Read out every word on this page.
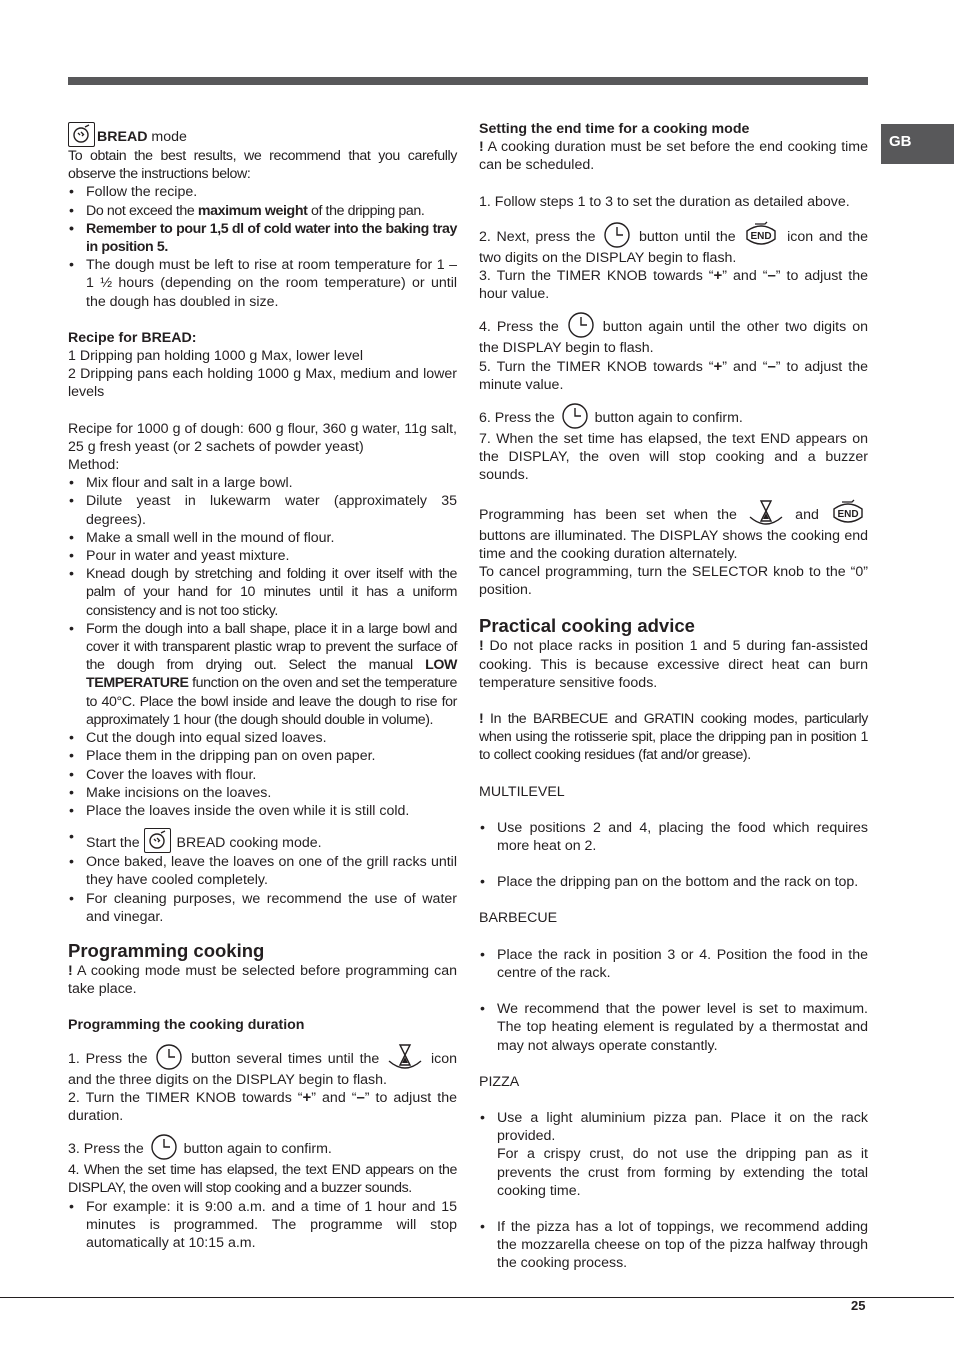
GB

BREAD mode

To obtain the best results, we recommend that you carefully observe the instructions below:

• Follow the recipe.
• Do not exceed the maximum weight of the dripping pan.
• Remember to pour 1,5 dl of cold water into the baking tray in position 5.
• The dough must be left to rise at room temperature for 1 – 1 ½ hours (depending on the room temperature) or until the dough has doubled in size.
Recipe for BREAD:

1 Dripping pan holding 1000 g Max, lower level

2 Dripping pans each holding 1000 g Max, medium and lower levels

Recipe for 1000 g of dough: 600 g flour, 360 g water, 11g salt, 25 g fresh yeast (or 2 sachets of powder yeast)

Method:

• Mix flour and salt in a large bowl.
• Dilute yeast in lukewarm water (approximately 35 degrees).
• Make a small well in the mound of flour.
• Pour in water and yeast mixture.
• Knead dough by stretching and folding it over itself with the palm of your hand for 10 minutes until it has a uniform consistency and is not too sticky.
• Form the dough into a ball shape, place it in a large bowl and cover it with transparent plastic wrap to prevent the surface of the dough from drying out. Select the manual LOW TEMPERATURE function on the oven and set the temperature to 40°C. Place the bowl inside and leave the dough to rise for approximately 1 hour (the dough should double in volume).
• Cut the dough into equal sized loaves.
• Place them in the dripping pan on oven paper.
• Cover the loaves with flour.
• Make incisions on the loaves.
• Place the loaves inside the oven while it is still cold.
• Start the
BREAD cooking mode.
• Once baked, leave the loaves on one of the grill racks until they have cooled completely.
• For cleaning purposes, we recommend the use of water and vinegar.
Programming cooking

! A cooking mode must be selected before programming can take place.

Programming the cooking duration

1. Press the  button several times until the	icon and the three digits on the DISPLAY begin to flash.

2. Turn the TIMER KNOB towards “+” and “–” to adjust the duration.

3. Press the  button again to confirm.

4. When the set time has elapsed, the text END appears on the DISPLAY, the oven will stop cooking and a buzzer sounds.

• For example: it is 9:00 a.m. and a time of 1 hour and 15 minutes is programmed. The programme will stop automatically at 10:15 a.m.
Setting the end time for a cooking mode

! A cooking duration must be set before the end cooking time can be scheduled.

1. Follow steps 1 to 3 to set the duration as detailed above.

2. Next, press the  button until the END icon and the two digits on the DISPLAY begin to flash.

3. Turn the TIMER KNOB towards “+” and “–” to adjust the hour value.

4. Press the  button again until the other two digits on the DISPLAY begin to flash.

5. Turn the TIMER KNOB towards “+” and “–” to adjust the minute value.

6. Press the  button again to confirm.

7. When the set time has elapsed, the text END appears on the DISPLAY, the oven will stop cooking and a buzzer sounds.

Programming has been set when the	and END
buttons are illuminated. The DISPLAY shows the cooking end time and the cooking duration alternately.

To cancel programming, turn the SELECTOR knob to the “0” position.

Practical cooking advice

! Do not place racks in position 1 and 5 during fan-assisted cooking. This is because excessive direct heat can burn temperature sensitive foods.

! In the BARBECUE and GRATIN cooking modes, particularly when using the rotisserie spit, place the dripping pan in position 1 to collect cooking residues (fat and/or grease).

MULTILEVEL

• Use positions 2 and 4, placing the food which requires more heat on 2.
• Place the dripping pan on the bottom and the rack on top.

BARBECUE

• Place the rack in position 3 or 4. Position the food in the centre of the rack.
• We recommend that the power level is set to maximum. The top heating element is regulated by a thermostat and may not always operate constantly.

PIZZA

• Use a light aluminium pizza pan. Place it on the rack provided.
For a crispy crust, do not use the dripping pan as it prevents the crust from forming by extending the total cooking time.
• If the pizza has a lot of toppings, we recommend adding the mozzarella cheese on top of the pizza halfway through the cooking process.
25
